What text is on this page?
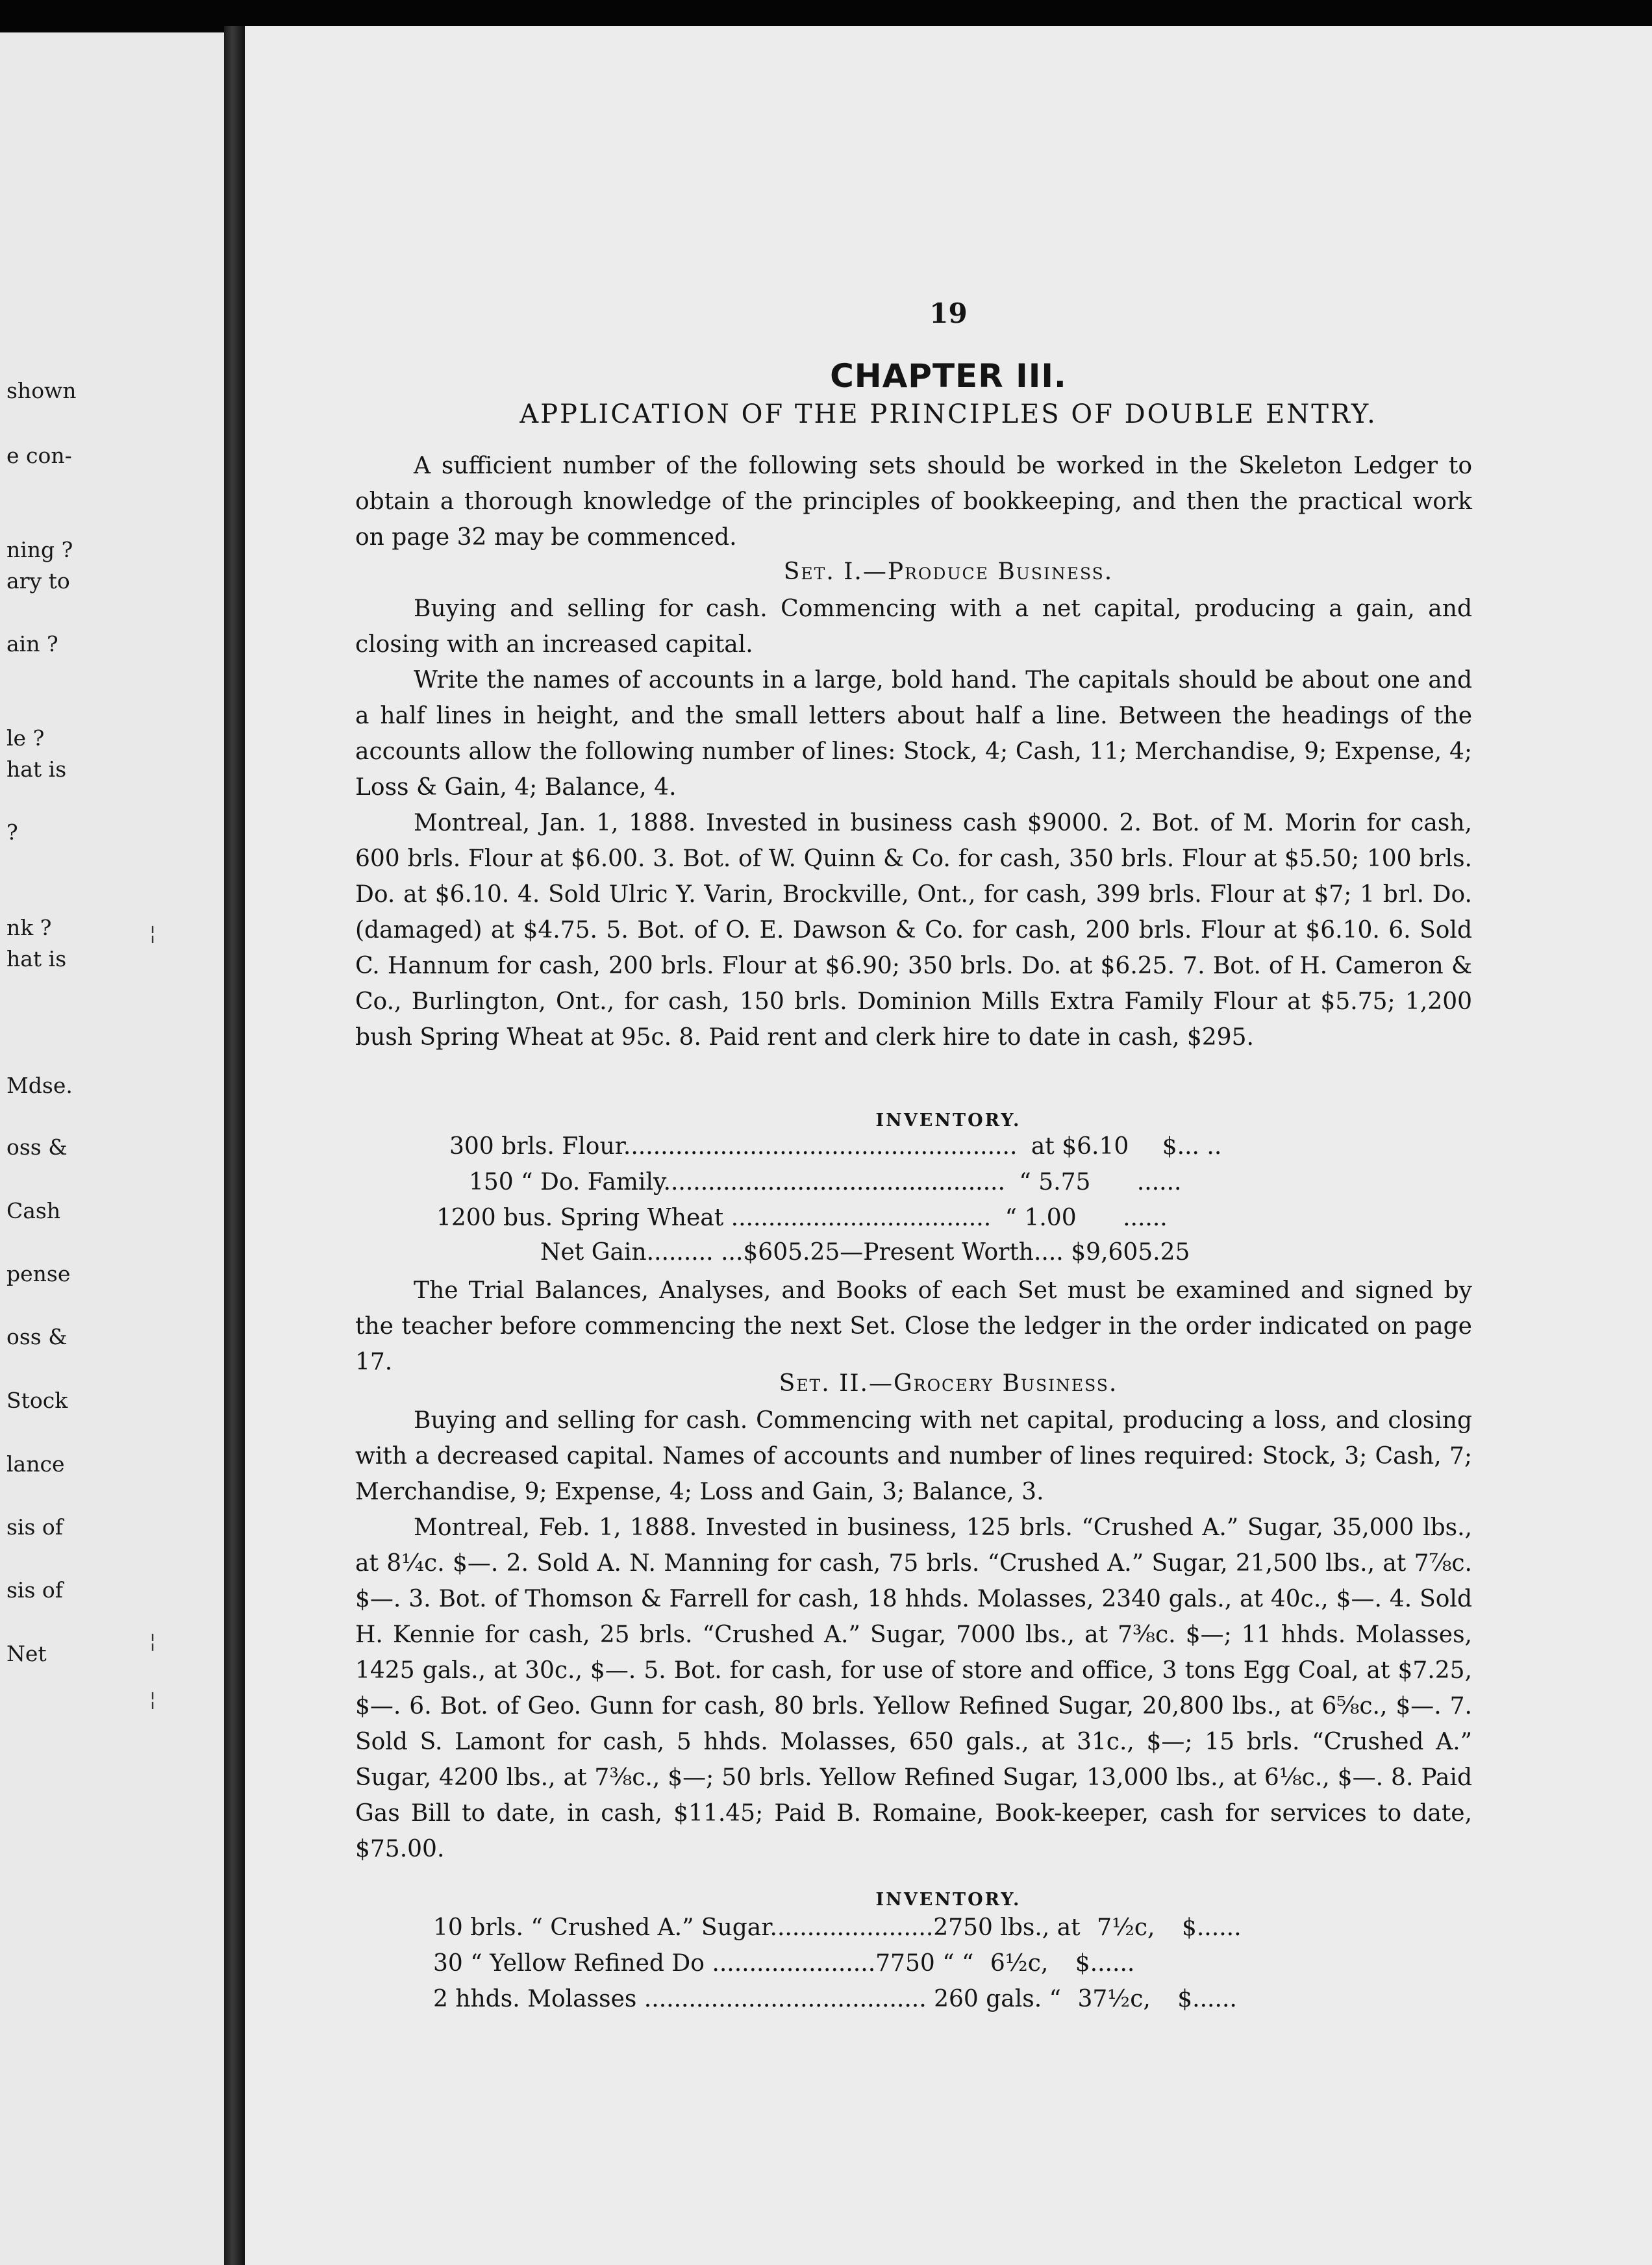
shown
e con-
ning ?
ary to
ain ?
le ?
hat is
?
nk ?
hat is
Mdse.
oss &
Cash
pense
oss &
Stock
lance
sis of
sis of
Net
¦
¦
¦
19
CHAPTER III.
APPLICATION OF THE PRINCIPLES OF DOUBLE ENTRY.

A sufficient number of the following sets should be worked in the Skeleton Ledger to obtain a thorough knowledge of the principles of bookkeeping, and then the practical work on page 32 may be commenced.

Set. I.—Produce Business.

Buying and selling for cash. Commencing with a net capital, producing a gain, and closing with an increased capital.

Write the names of accounts in a large, bold hand. The capitals should be about one and a half lines in height, and the small letters about half a line. Between the headings of the accounts allow the following number of lines: Stock, 4; Cash, 11; Merchandise, 9; Expense, 4; Loss & Gain, 4; Balance, 4.

Montreal, Jan. 1, 1888. Invested in business cash $9000. 2. Bot. of M. Morin for cash, 600 brls. Flour at $6.00. 3. Bot. of W. Quinn & Co. for cash, 350 brls. Flour at $5.50; 100 brls. Do. at $6.10. 4. Sold Ulric Y. Varin, Brockville, Ont., for cash, 399 brls. Flour at $7; 1 brl. Do. (damaged) at $4.75. 5. Bot. of O. E. Dawson & Co. for cash, 200 brls. Flour at $6.10. 6. Sold C. Hannum for cash, 200 brls. Flour at $6.90; 350 brls. Do. at $6.25. 7. Bot. of H. Cameron & Co., Burlington, Ont., for cash, 150 brls. Dominion Mills Extra Family Flour at $5.75; 1,200 bush Spring Wheat at 95c. 8. Paid rent and clerk hire to date in cash, $295.

INVENTORY.
300 brls. Flour..................................................... at $6.10 $... ..
150 “ Do. Family.............................................. “ 5.75 ......
1200 bus. Spring Wheat ................................... “ 1.00 ......
Net Gain......... ...$605.25—Present Worth.... $9,605.25

The Trial Balances, Analyses, and Books of each Set must be examined and signed by the teacher before commencing the next Set. Close the ledger in the order indicated on page 17.

Set. II.—Grocery Business.

Buying and selling for cash. Commencing with net capital, producing a loss, and closing with a decreased capital. Names of accounts and number of lines required: Stock, 3; Cash, 7; Merchandise, 9; Expense, 4; Loss and Gain, 3; Balance, 3.

Montreal, Feb. 1, 1888. Invested in business, 125 brls. “Crushed A.” Sugar, 35,000 lbs., at 8¼c. $—. 2. Sold A. N. Manning for cash, 75 brls. “Crushed A.” Sugar, 21,500 lbs., at 7⅞c. $—. 3. Bot. of Thomson & Farrell for cash, 18 hhds. Molasses, 2340 gals., at 40c., $—. 4. Sold H. Kennie for cash, 25 brls. “Crushed A.” Sugar, 7000 lbs., at 7⅜c. $—; 11 hhds. Molasses, 1425 gals., at 30c., $—. 5. Bot. for cash, for use of store and office, 3 tons Egg Coal, at $7.25, $—. 6. Bot. of Geo. Gunn for cash, 80 brls. Yellow Refined Sugar, 20,800 lbs., at 6⅝c., $—. 7. Sold S. Lamont for cash, 5 hhds. Molasses, 650 gals., at 31c., $—; 15 brls. “Crushed A.” Sugar, 4200 lbs., at 7⅜c., $—; 50 brls. Yellow Refined Sugar, 13,000 lbs., at 6⅛c., $—. 8. Paid Gas Bill to date, in cash, $11.45; Paid B. Romaine, Book-keeper, cash for services to date, $75.00.

INVENTORY.
10 brls. “ Crushed A.” Sugar......................2750 lbs., at 7½c, $......
30 “ Yellow Refined Do ......................7750 “ “ 6½c, $......
2 hhds. Molasses ...................................... 260 gals. “ 37½c, $......
